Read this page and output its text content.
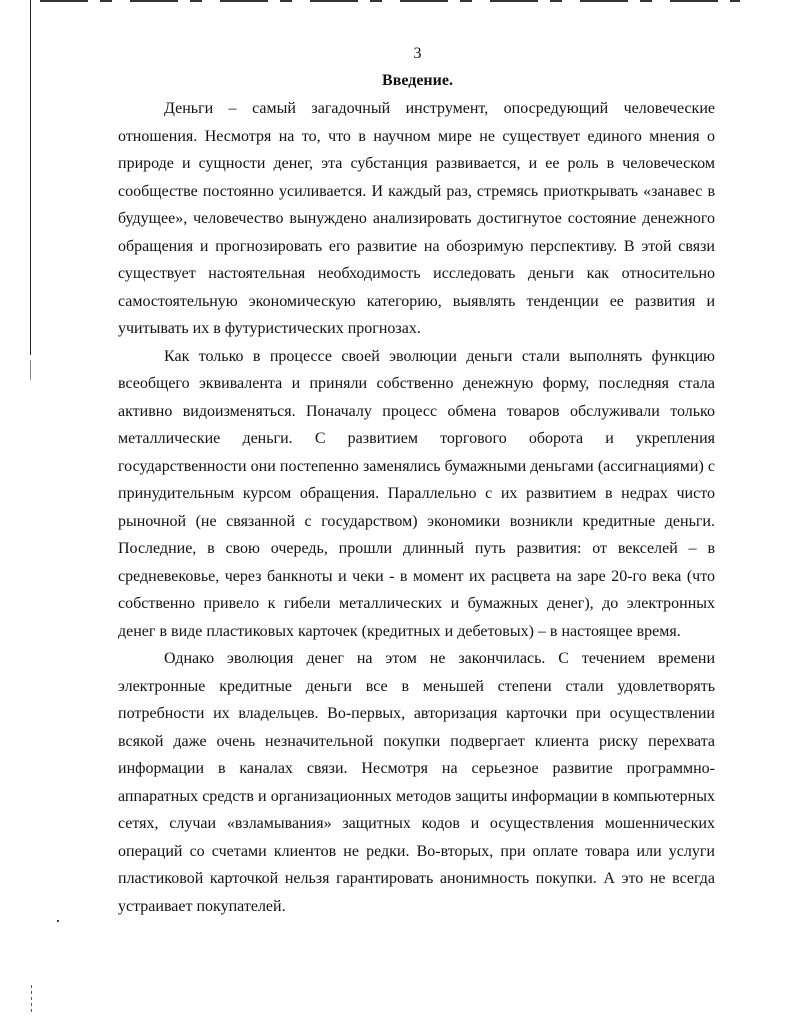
3
Введение.

Деньги – самый загадочный инструмент, опосредующий человеческие отношения. Несмотря на то, что в научном мире не существует единого мнения о природе и сущности денег, эта субстанция развивается, и ее роль в человеческом сообществе постоянно усиливается. И каждый раз, стремясь приоткрывать «занавес в будущее», человечество вынуждено анализировать достигнутое состояние денежного обращения и прогнозировать его развитие на обозримую перспективу. В этой связи существует настоятельная необходимость исследовать деньги как относительно самостоятельную экономическую категорию, выявлять тенденции ее развития и учитывать их в футуристических прогнозах.

Как только в процессе своей эволюции деньги стали выполнять функцию всеобщего эквивалента и приняли собственно денежную форму, последняя стала активно видоизменяться. Поначалу процесс обмена товаров обслуживали только металлические деньги. С развитием торгового оборота и укрепления государственности они постепенно заменялись бумажными деньгами (ассигнациями) с принудительным курсом обращения. Параллельно с их развитием в недрах чисто рыночной (не связанной с государством) экономики возникли кредитные деньги. Последние, в свою очередь, прошли длинный путь развития: от векселей – в средневековье, через банкноты и чеки - в момент их расцвета на заре 20-го века (что собственно привело к гибели металлических и бумажных денег), до электронных денег в виде пластиковых карточек (кредитных и дебетовых) – в настоящее время.

Однако эволюция денег на этом не закончилась. С течением времени электронные кредитные деньги все в меньшей степени стали удовлетворять потребности их владельцев. Во-первых, авторизация карточки при осуществлении всякой даже очень незначительной покупки подвергает клиента риску перехвата информации в каналах связи. Несмотря на серьезное развитие программно-аппаратных средств и организационных методов защиты информации в компьютерных сетях, случаи «взламывания» защитных кодов и осуществления мошеннических операций со счетами клиентов не редки. Во-вторых, при оплате товара или услуги пластиковой карточкой нельзя гарантировать анонимность покупки. А это не всегда устраивает покупателей.
